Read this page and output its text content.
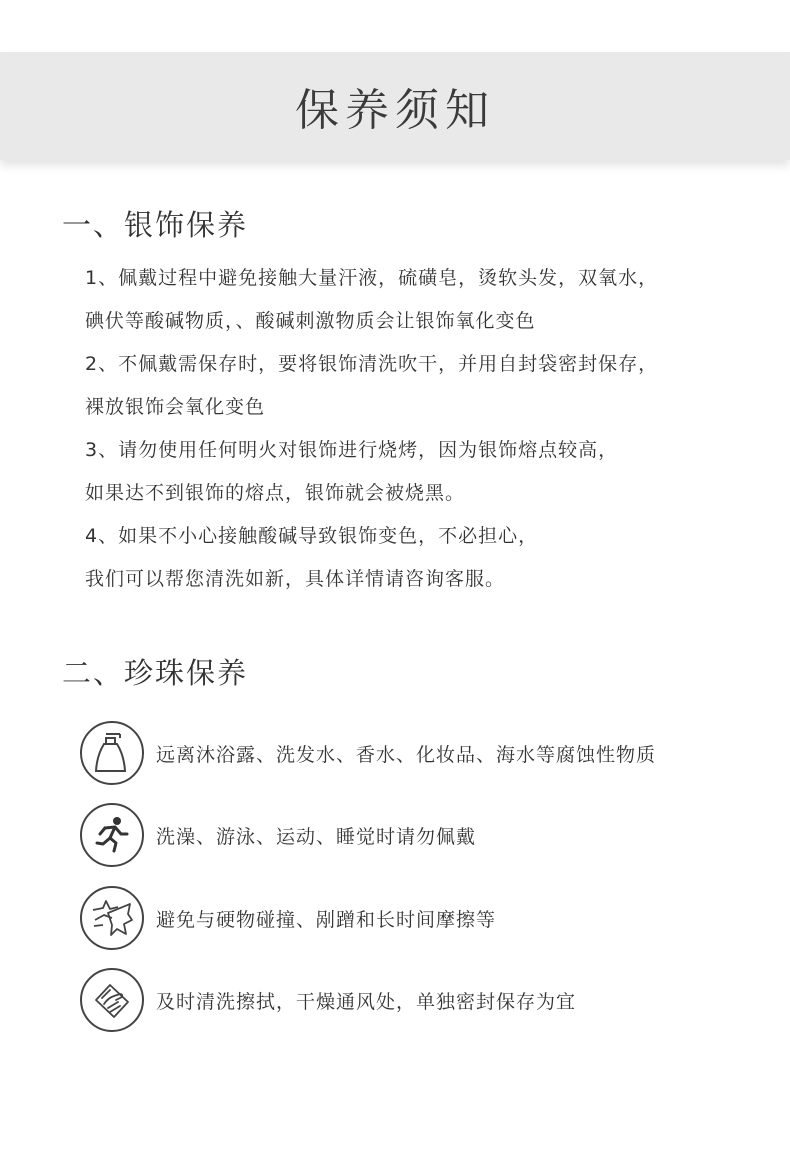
保养须知
一、银饰保养

1、佩戴过程中避免接触大量汗液，硫磺皂，烫软头发，双氧水，
碘伏等酸碱物质，、酸碱刺激物质会让银饰氧化变色
2、不佩戴需保存时，要将银饰清洗吹干，并用自封袋密封保存，
裸放银饰会氧化变色
3、请勿使用任何明火对银饰进行烧烤，因为银饰熔点较高，
如果达不到银饰的熔点，银饰就会被烧黑。
4、如果不小心接触酸碱导致银饰变色，不必担心，
我们可以帮您清洗如新，具体详情请咨询客服。

二、珍珠保养
远离沐浴露、洗发水、香水、化妆品、海水等腐蚀性物质
洗澡、游泳、运动、睡觉时请勿佩戴
避免与硬物碰撞、剐蹭和长时间摩擦等
及时清洗擦拭，干燥通风处，单独密封保存为宜
